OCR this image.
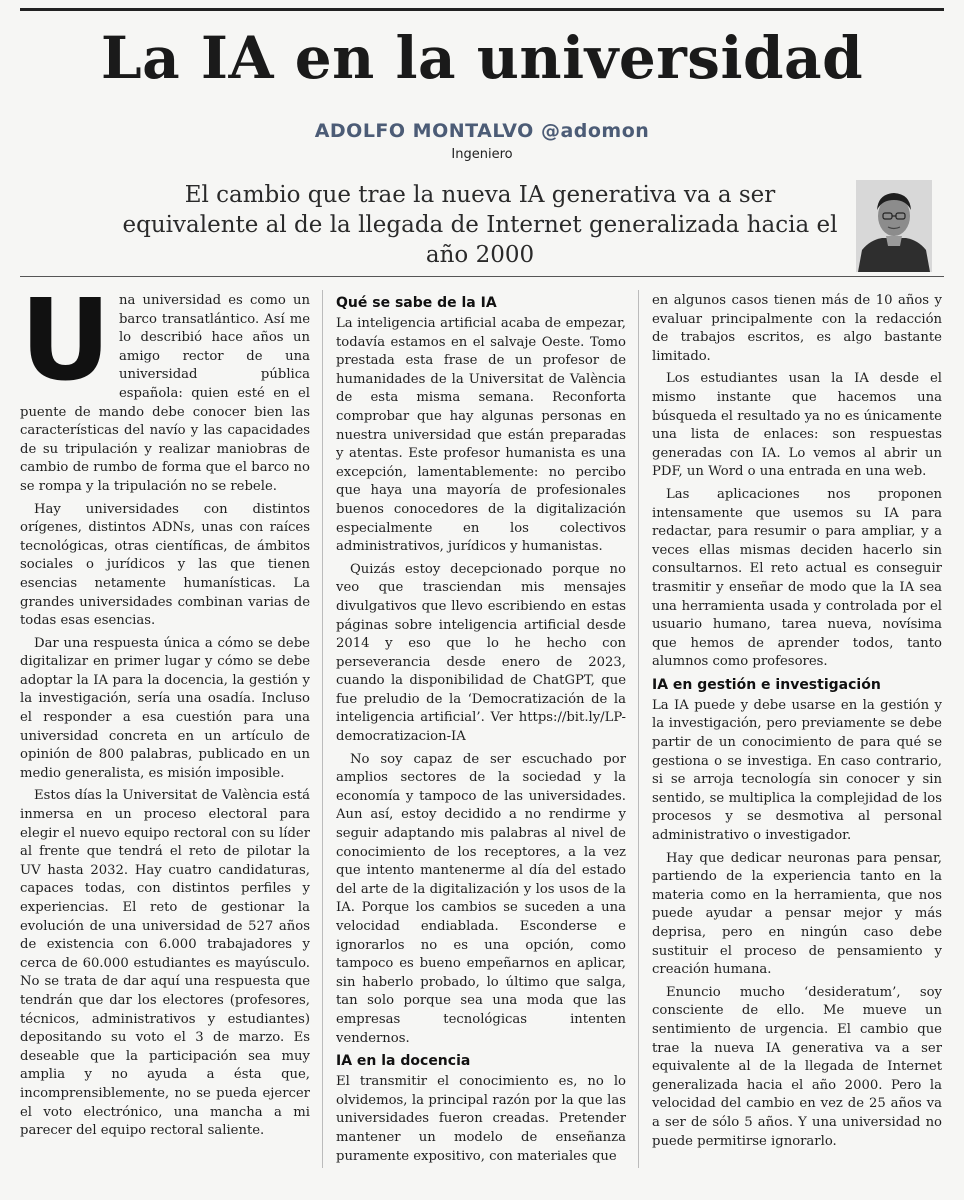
La IA en la universidad
ADOLFO MONTALVO @adomon
Ingeniero
El cambio que trae la nueva IA generativa va a ser equivalente al de la llegada de Internet generalizada hacia el año 2000
U na universidad es como un barco transatlántico. Así me lo describió hace años un amigo rector de una universidad pública española: quien esté en el puente de mando debe conocer bien las características del navío y las capacidades de su tripulación y realizar maniobras de cambio de rumbo de forma que el barco no se rompa y la tripulación no se rebele.

Hay universidades con distintos orígenes, distintos ADNs, unas con raíces tecnológicas, otras científicas, de ámbitos sociales o jurídicos y las que tienen esencias netamente humanísticas. La grandes universidades combinan varias de todas esas esencias.

Dar una respuesta única a cómo se debe digitalizar en primer lugar y cómo se debe adoptar la IA para la docencia, la gestión y la investigación, sería una osadía. Incluso el responder a esa cuestión para una universidad concreta en un artículo de opinión de 800 palabras, publicado en un medio generalista, es misión imposible.

Estos días la Universitat de València está inmersa en un proceso electoral para elegir el nuevo equipo rectoral con su líder al frente que tendrá el reto de pilotar la UV hasta 2032. Hay cuatro candidaturas, capaces todas, con distintos perfiles y experiencias. El reto de gestionar la evolución de una universidad de 527 años de existencia con 6.000 trabajadores y cerca de 60.000 estudiantes es mayúsculo. No se trata de dar aquí una respuesta que tendrán que dar los electores (profesores, técnicos, administrativos y estudiantes) depositando su voto el 3 de marzo. Es deseable que la participación sea muy amplia y no ayuda a ésta que, incomprensiblemente, no se pueda ejercer el voto electrónico, una mancha a mi parecer del equipo rectoral saliente.

Qué se sabe de la IA

La inteligencia artificial acaba de empezar, todavía estamos en el salvaje Oeste. Tomo prestada esta frase de un profesor de humanidades de la Universitat de València de esta misma semana. Reconforta comprobar que hay algunas personas en nuestra universidad que están preparadas y atentas. Este profesor humanista es una excepción, lamentablemente: no percibo que haya una mayoría de profesionales buenos conocedores de la digitalización especialmente en los colectivos administrativos, jurídicos y humanistas.

Quizás estoy decepcionado porque no veo que trasciendan mis mensajes divulgativos que llevo escribiendo en estas páginas sobre inteligencia artificial desde 2014 y eso que lo he hecho con perseverancia desde enero de 2023, cuando la disponibilidad de ChatGPT, que fue preludio de la ‘Democratización de la inteligencia artificial’. Ver https://bit.ly/LP-democratizacion-IA

No soy capaz de ser escuchado por amplios sectores de la sociedad y la economía y tampoco de las universidades. Aun así, estoy decidido a no rendirme y seguir adaptando mis palabras al nivel de conocimiento de los receptores, a la vez que intento mantenerme al día del estado del arte de la digitalización y los usos de la IA. Porque los cambios se suceden a una velocidad endiablada. Esconderse e ignorarlos no es una opción, como tampoco es bueno empeñarnos en aplicar, sin haberlo probado, lo último que salga, tan solo porque sea una moda que las empresas tecnológicas intenten vendernos.

IA en la docencia

El transmitir el conocimiento es, no lo olvidemos, la principal razón por la que las universidades fueron creadas. Pretender mantener un modelo de enseñanza puramente expositivo, con materiales que

en algunos casos tienen más de 10 años y evaluar principalmente con la redacción de trabajos escritos, es algo bastante limitado.

Los estudiantes usan la IA desde el mismo instante que hacemos una búsqueda el resultado ya no es únicamente una lista de enlaces: son respuestas generadas con IA. Lo vemos al abrir un PDF, un Word o una entrada en una web.

Las aplicaciones nos proponen intensamente que usemos su IA para redactar, para resumir o para ampliar, y a veces ellas mismas deciden hacerlo sin consultarnos. El reto actual es conseguir trasmitir y enseñar de modo que la IA sea una herramienta usada y controlada por el usuario humano, tarea nueva, novísima que hemos de aprender todos, tanto alumnos como profesores.

IA en gestión e investigación

La IA puede y debe usarse en la gestión y la investigación, pero previamente se debe partir de un conocimiento de para qué se gestiona o se investiga. En caso contrario, si se arroja tecnología sin conocer y sin sentido, se multiplica la complejidad de los procesos y se desmotiva al personal administrativo o investigador.

Hay que dedicar neuronas para pensar, partiendo de la experiencia tanto en la materia como en la herramienta, que nos puede ayudar a pensar mejor y más deprisa, pero en ningún caso debe sustituir el proceso de pensamiento y creación humana.

Enuncio mucho ‘desideratum’, soy consciente de ello. Me mueve un sentimiento de urgencia. El cambio que trae la nueva IA generativa va a ser equivalente al de la llegada de Internet generalizada hacia el año 2000. Pero la velocidad del cambio en vez de 25 años va a ser de sólo 5 años. Y una universidad no puede permitirse ignorarlo.
